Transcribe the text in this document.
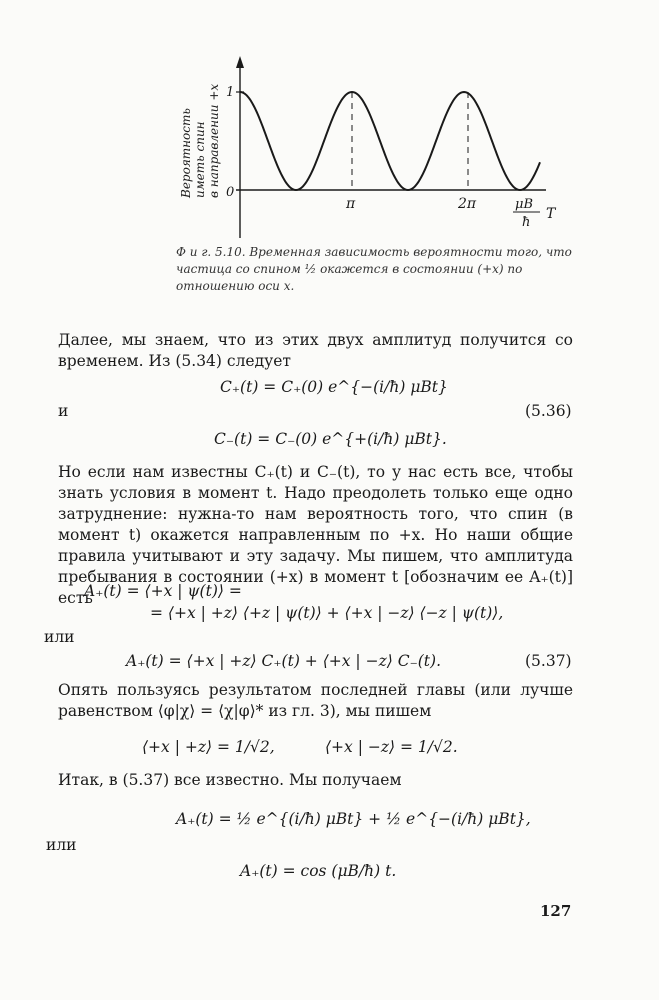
Вероятность иметь спин в направлении +x 1
0
π	2π	μB
ħ
T
Ф и г. 5.10. Временная зависимость вероятности того, что частица со спином ½ окажется в состоянии (+x) по отношению оси x.
Далее, мы знаем, что из этих двух амплитуд получится со временем. Из (5.34) следует
C₊(t) = C₊(0) e^{−(i/ħ) μBt}
и	(5.36)
C₋(t) = C₋(0) e^{+(i/ħ) μBt}.
Но если нам известны C₊(t) и C₋(t), то у нас есть все, чтобы знать условия в момент t. Надо преодолеть только еще одно затруднение: нужна-то нам вероятность того, что спин (в момент t) окажется направленным по +x. Но наши общие правила учитывают и эту задачу. Мы пишем, что амплитуда пребывания в состоянии (+x) в момент t [обозначим ее A₊(t)] есть
A₊(t) = ⟨+x | ψ(t)⟩ =
= ⟨+x | +z⟩ ⟨+z | ψ(t)⟩ + ⟨+x | −z⟩ ⟨−z | ψ(t)⟩,
или
A₊(t) = ⟨+x | +z⟩ C₊(t) + ⟨+x | −z⟩ C₋(t).	(5.37)
Опять пользуясь результатом последней главы (или лучше равенством ⟨φ|χ⟩ = ⟨χ|φ⟩* из гл. 3), мы пишем
⟨+x | +z⟩ = 1/√2,	⟨+x | −z⟩ = 1/√2.
Итак, в (5.37) все известно. Мы получаем
A₊(t) = ½ e^{(i/ħ) μBt} + ½ e^{−(i/ħ) μBt},
или
A₊(t) = cos (μB/ħ) t.
127
